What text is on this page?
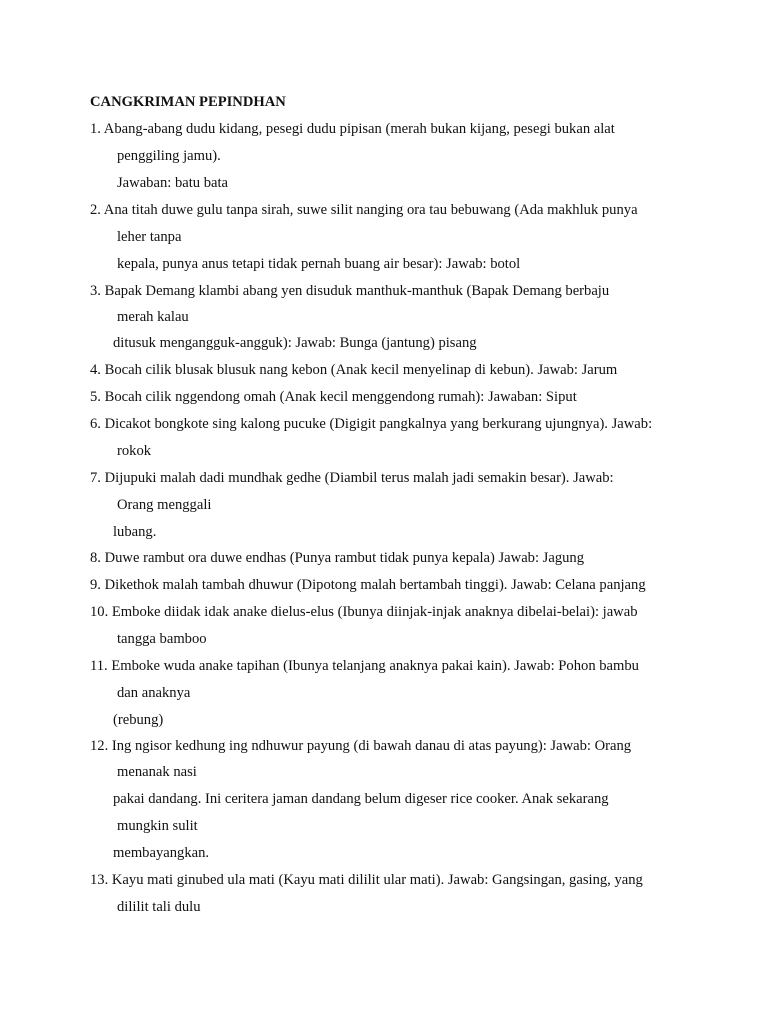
CANGKRIMAN PEPINDHAN
1. Abang-abang dudu kidang, pesegi dudu pipisan (merah bukan kijang, pesegi bukan alat
penggiling jamu).
Jawaban: batu bata
2. Ana titah duwe gulu tanpa sirah, suwe silit nanging ora tau bebuwang (Ada makhluk punya
leher tanpa
kepala, punya anus tetapi tidak pernah buang air besar): Jawab: botol
3. Bapak Demang klambi abang yen disuduk manthuk-manthuk (Bapak Demang berbaju
merah kalau
ditusuk mengangguk-angguk): Jawab: Bunga (jantung) pisang
4. Bocah cilik blusak blusuk nang kebon (Anak kecil menyelinap di kebun). Jawab: Jarum
5. Bocah cilik nggendong omah (Anak kecil menggendong rumah): Jawaban: Siput
6. Dicakot bongkote sing kalong pucuke (Digigit pangkalnya yang berkurang ujungnya). Jawab:
rokok
7. Dijupuki malah dadi mundhak gedhe (Diambil terus malah jadi semakin besar). Jawab:
Orang menggali
lubang.
8. Duwe rambut ora duwe endhas (Punya rambut tidak punya kepala) Jawab: Jagung
9. Dikethok malah tambah dhuwur (Dipotong malah bertambah tinggi). Jawab: Celana panjang
10. Emboke diidak idak anake dielus-elus (Ibunya diinjak-injak anaknya dibelai-belai): jawab
tangga bamboo
11. Emboke wuda anake tapihan (Ibunya telanjang anaknya pakai kain). Jawab: Pohon bambu
dan anaknya
(rebung)
12. Ing ngisor kedhung ing ndhuwur payung (di bawah danau di atas payung): Jawab: Orang
menanak nasi
pakai dandang. Ini ceritera jaman dandang belum digeser rice cooker. Anak sekarang
mungkin sulit
membayangkan.
13. Kayu mati ginubed ula mati (Kayu mati dililit ular mati). Jawab: Gangsingan, gasing, yang
dililit tali dulu
